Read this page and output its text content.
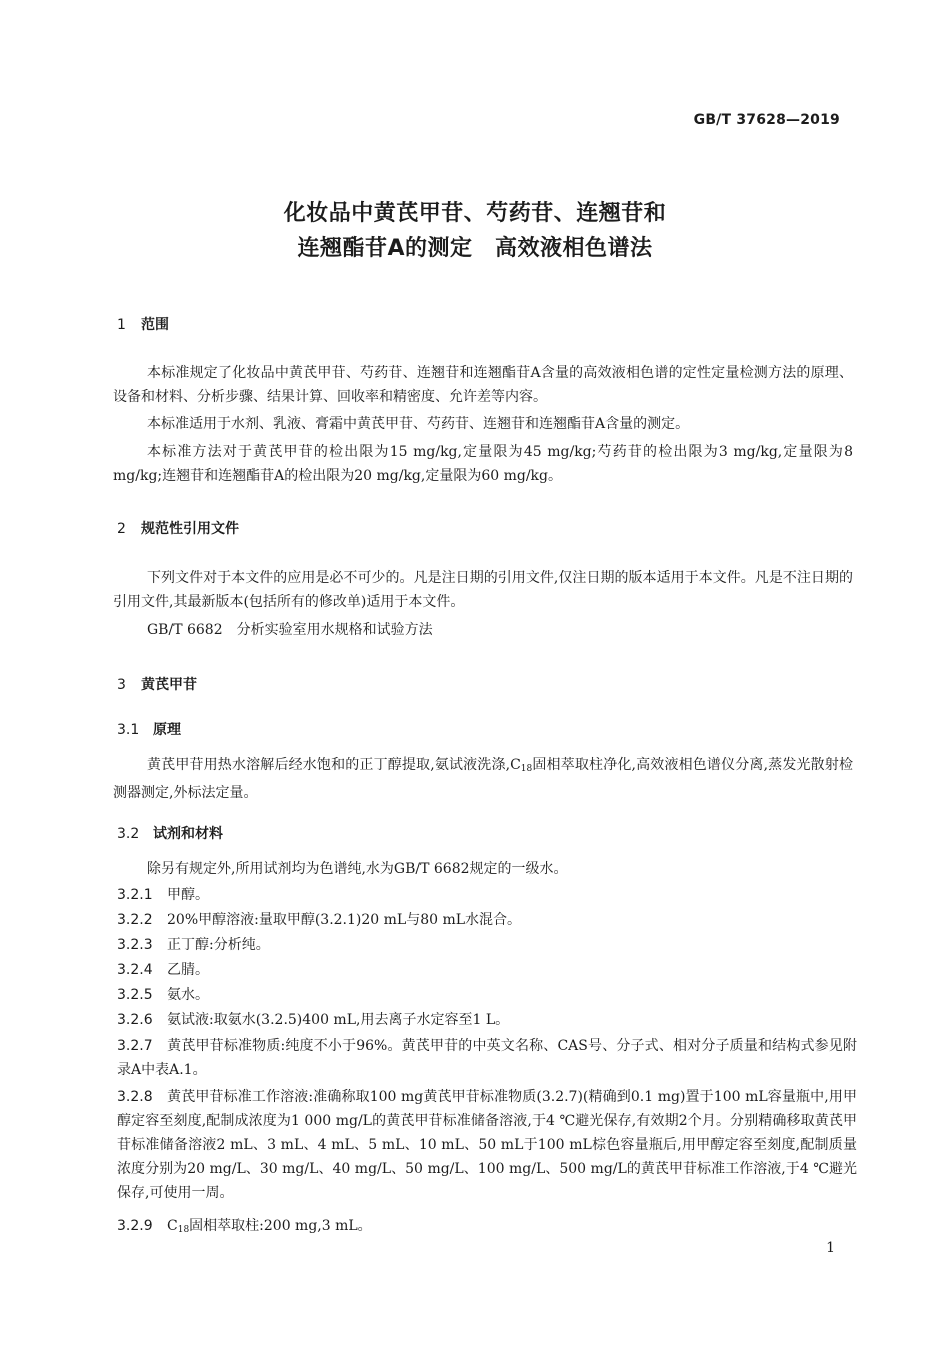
GB/T 37628—2019
化妆品中黄芪甲苷、芍药苷、连翘苷和
连翘酯苷A的测定　高效液相色谱法
1 范围
本标准规定了化妆品中黄芪甲苷、芍药苷、连翘苷和连翘酯苷A含量的高效液相色谱的定性定量检测方法的原理、设备和材料、分析步骤、结果计算、回收率和精密度、允许差等内容。
本标准适用于水剂、乳液、膏霜中黄芪甲苷、芍药苷、连翘苷和连翘酯苷A含量的测定。
本标准方法对于黄芪甲苷的检出限为15 mg/kg,定量限为45 mg/kg;芍药苷的检出限为3 mg/kg,定量限为8 mg/kg;连翘苷和连翘酯苷A的检出限为20 mg/kg,定量限为60 mg/kg。
2 规范性引用文件
下列文件对于本文件的应用是必不可少的。凡是注日期的引用文件,仅注日期的版本适用于本文件。凡是不注日期的引用文件,其最新版本(包括所有的修改单)适用于本文件。
GB/T 6682　分析实验室用水规格和试验方法
3 黄芪甲苷
3.1 原理
黄芪甲苷用热水溶解后经水饱和的正丁醇提取,氨试液洗涤$,C_{18}$固相萃取柱净化,高效液相色谱仪分离,蒸发光散射检测器测定,外标法定量。
3.2 试剂和材料
除另有规定外,所用试剂均为色谱纯,水为GB/T 6682规定的一级水。
3.2.1 甲醇。
3.2.2 20%甲醇溶液:量取甲醇(3.2.1)20 mL与80 mL水混合。
3.2.3 正丁醇:分析纯。
3.2.4 乙腈。
3.2.5 氨水。
3.2.6 氨试液:取氨水(3.2.5)400 mL,用去离子水定容至1 L。
3.2.7 黄芪甲苷标准物质:纯度不小于96%。黄芪甲苷的中英文名称、CAS号、分子式、相对分子质量和结构式参见附录A中表A.1。
3.2.8 黄芪甲苷标准工作溶液:准确称取100 mg黄芪甲苷标准物质(3.2.7)(精确到0.1 mg)置于100 mL容量瓶中,用甲醇定容至刻度,配制成浓度为1 000 mg/L的黄芪甲苷标准储备溶液,于4 ℃避光保存,有效期2个月。分别精确移取黄芪甲苷标准储备溶液2 mL、3 mL、4 mL、5 mL、10 mL、50 mL于100 mL棕色容量瓶后,用甲醇定容至刻度,配制质量浓度分别为20 mg/L、30 mg/L、40 mg/L、50 mg/L、100 mg/L、500 mg/L的黄芪甲苷标准工作溶液,于4 ℃避光保存,可使用一周。
3.2.9 $C_{18}$固相萃取柱:200 mg,3 mL。
1
